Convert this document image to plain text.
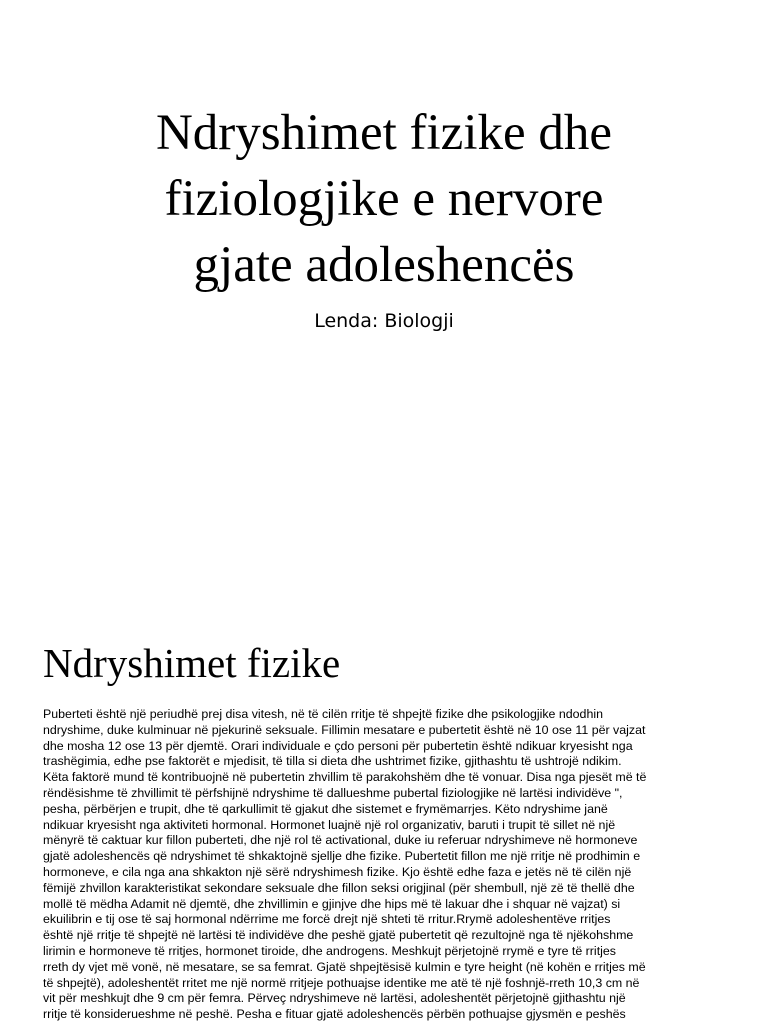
Ndryshimet fizike dhe
fiziologjike e nervore
gjate adoleshencës
Lenda: Biologji
Ndryshimet fizike
Puberteti është një periudhë prej disa vitesh, në të cilën rritje të shpejtë fizike dhe psikologjike ndodhin
ndryshime, duke kulminuar në pjekurinë seksuale. Fillimin mesatare e pubertetit është në 10 ose 11 për vajzat
dhe mosha 12 ose 13 për djemtë. Orari individuale e çdo personi për pubertetin është ndikuar kryesisht nga
trashëgimia, edhe pse faktorët e mjedisit, të tilla si dieta dhe ushtrimet fizike, gjithashtu të ushtrojë ndikim.
Këta faktorë mund të kontribuojnë në pubertetin zhvillim të parakohshëm dhe të vonuar. Disa nga pjesët më të
rëndësishme të zhvillimit të përfshijnë ndryshime të dallueshme pubertal fiziologjike në lartësi individëve ",
pesha, përbërjen e trupit, dhe të qarkullimit të gjakut dhe sistemet e frymëmarrjes. Këto ndryshime janë
ndikuar kryesisht nga aktiviteti hormonal. Hormonet luajnë një rol organizativ, baruti i trupit të sillet në një
mënyrë të caktuar kur fillon puberteti, dhe një rol të activational, duke iu referuar ndryshimeve në hormoneve
gjatë adoleshencës që ndryshimet të shkaktojnë sjellje dhe fizike. Pubertetit fillon me një rritje në prodhimin e
hormoneve, e cila nga ana shkakton një sërë ndryshimesh fizike. Kjo është edhe faza e jetës në të cilën një
fëmijë zhvillon karakteristikat sekondare seksuale dhe fillon seksi origjinal (për shembull, një zë të thellë dhe
mollë të mëdha Adamit në djemtë, dhe zhvillimin e gjinjve dhe hips më të lakuar dhe i shquar në vajzat) si
ekuilibrin e tij ose të saj hormonal ndërrime me forcë drejt një shteti të rritur.Rrymë adoleshentëve rritjes
është një rritje të shpejtë në lartësi të individëve dhe peshë gjatë pubertetit që rezultojnë nga të njëkohshme
lirimin e hormoneve të rritjes, hormonet tiroide, dhe androgens. Meshkujt përjetojnë rrymë e tyre të rritjes
rreth dy vjet më vonë, në mesatare, se sa femrat. Gjatë shpejtësisë kulmin e tyre height (në kohën e rritjes më
të shpejtë), adoleshentët rritet me një normë rritjeje pothuajse identike me atë të një foshnjë-rreth 10,3 cm në
vit për meshkujt dhe 9 cm për femra. Përveç ndryshimeve në lartësi, adoleshentët përjetojnë gjithashtu një
rritje të konsiderueshme në peshë. Pesha e fituar gjatë adoleshencës përbën pothuajse gjysmën e peshës
